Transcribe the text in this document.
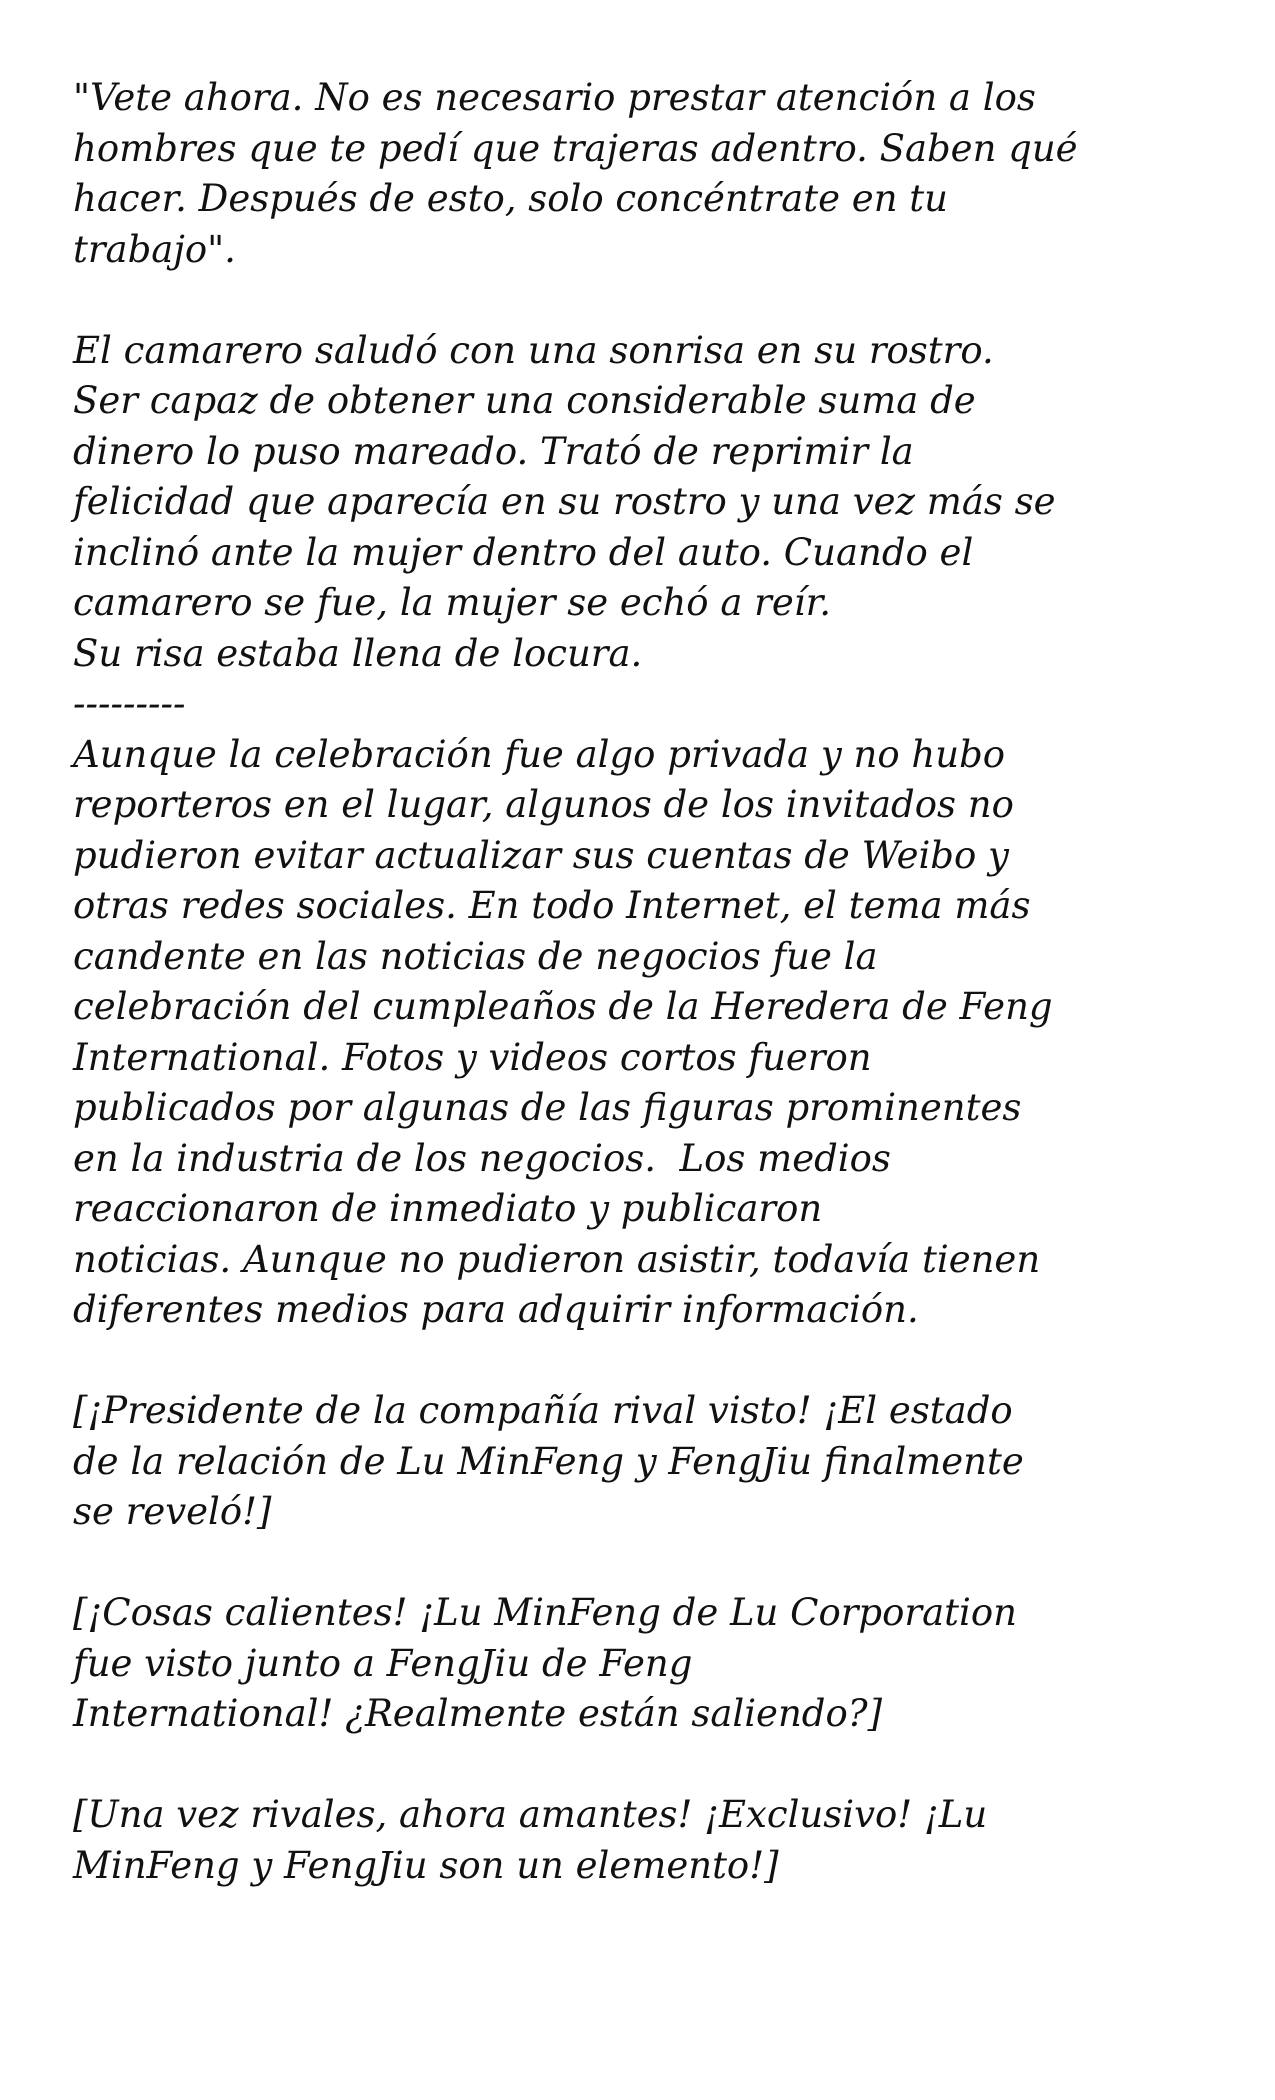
"Vete ahora. No es necesario prestar atención a los
hombres que te pedí que trajeras adentro. Saben qué
hacer. Después de esto, solo concéntrate en tu
trabajo".
El camarero saludó con una sonrisa en su rostro.
Ser capaz de obtener una considerable suma de
dinero lo puso mareado. Trató de reprimir la
felicidad que aparecía en su rostro y una vez más se
inclinó ante la mujer dentro del auto. Cuando el
camarero se fue, la mujer se echó a reír.
Su risa estaba llena de locura.
---------
Aunque la celebración fue algo privada y no hubo
reporteros en el lugar, algunos de los invitados no
pudieron evitar actualizar sus cuentas de Weibo y
otras redes sociales. En todo Internet, el tema más
candente en las noticias de negocios fue la
celebración del cumpleaños de la Heredera de Feng
International. Fotos y videos cortos fueron
publicados por algunas de las figuras prominentes
en la industria de los negocios.  Los medios
reaccionaron de inmediato y publicaron
noticias. Aunque no pudieron asistir, todavía tienen
diferentes medios para adquirir información.
[¡Presidente de la compañía rival visto! ¡El estado
de la relación de Lu MinFeng y FengJiu finalmente
se reveló!]
[¡Cosas calientes! ¡Lu MinFeng de Lu Corporation
fue visto junto a FengJiu de Feng
International! ¿Realmente están saliendo?]
[Una vez rivales, ahora amantes! ¡Exclusivo! ¡Lu
MinFeng y FengJiu son un elemento!]
